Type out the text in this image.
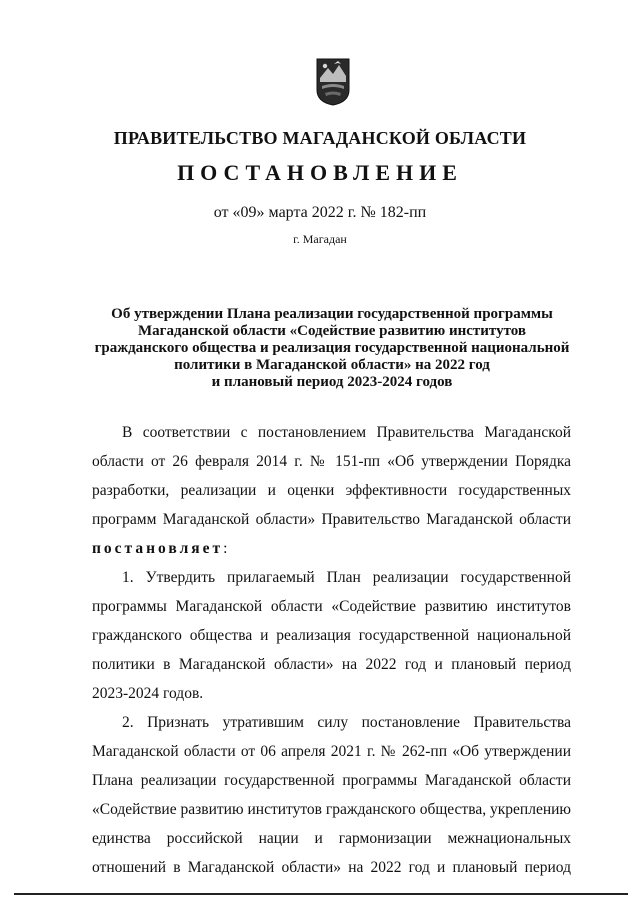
ПРАВИТЕЛЬСТВО МАГАДАНСКОЙ ОБЛАСТИ
ПОСТАНОВЛЕНИЕ
от «09» марта 2022 г. № 182-пп
г. Магадан
Об утверждении Плана реализации государственной программы
Магаданской области «Содействие развитию институтов
гражданского общества и реализация государственной национальной
политики в Магаданской области» на 2022 год
и плановый период 2023-2024 годов
В соответствии с постановлением Правительства Магаданской
области от 26 февраля 2014 г. № 151-пп «Об утверждении Порядка
разработки, реализации и оценки эффективности государственных
программ Магаданской области» Правительство Магаданской области
постановляет:
1. Утвердить прилагаемый План реализации государственной
программы Магаданской области «Содействие развитию институтов
гражданского общества и реализация государственной национальной
политики в Магаданской области» на 2022 год и плановый период
2023-2024 годов.
2. Признать утратившим силу постановление Правительства
Магаданской области от 06 апреля 2021 г. № 262-пп «Об утверждении
Плана реализации государственной программы Магаданской области
«Содействие развитию институтов гражданского общества, укреплению
единства российской нации и гармонизации межнациональных
отношений в Магаданской области» на 2022 год и плановый период
